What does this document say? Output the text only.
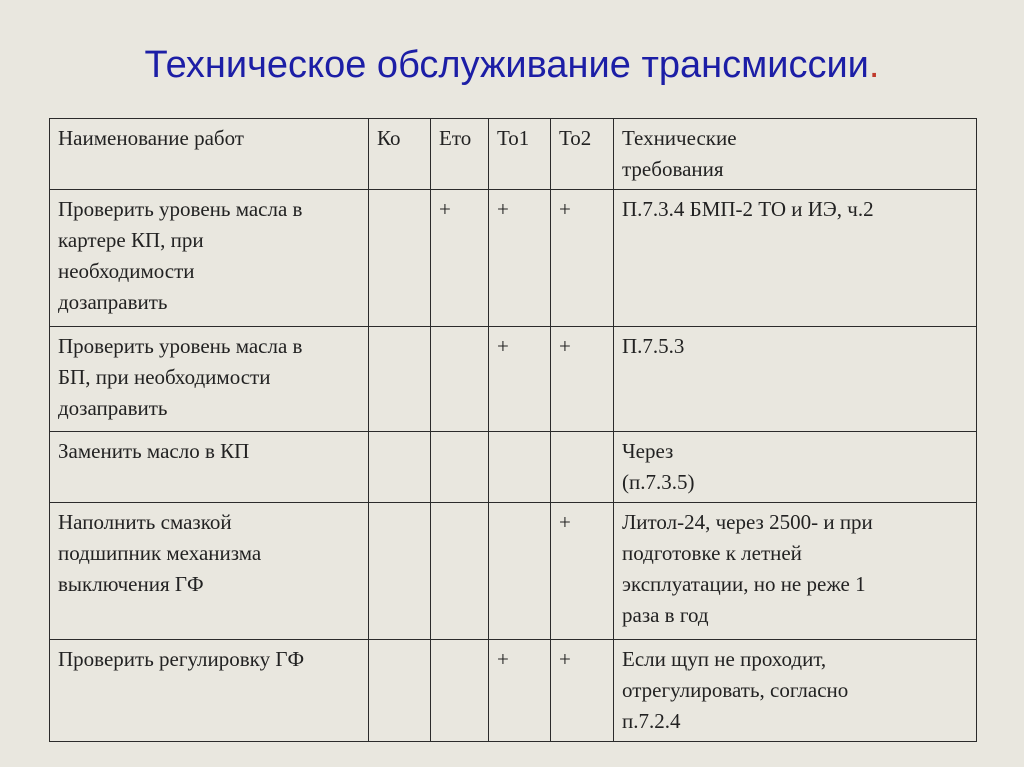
Техническое обслуживание трансмиссии.
Наименование работ	Ко	Ето	То1	То2	Технические
требования

Проверить уровень масла в
картере КП, при
необходимости
дозаправить		+	+	+	П.7.3.4 БМП-2 ТО и ИЭ, ч.2

Проверить уровень масла в
БП, при необходимости
дозаправить			+	+	П.7.5.3

Заменить масло в КП					Через
(п.7.3.5)

Наполнить смазкой
подшипник механизма
выключения ГФ				+	Литол-24, через 2500- и при
подготовке к летней
эксплуатации, но не реже 1
раза в год

Проверить регулировку ГФ			+	+	Если щуп не проходит,
отрегулировать, согласно
п.7.2.4
